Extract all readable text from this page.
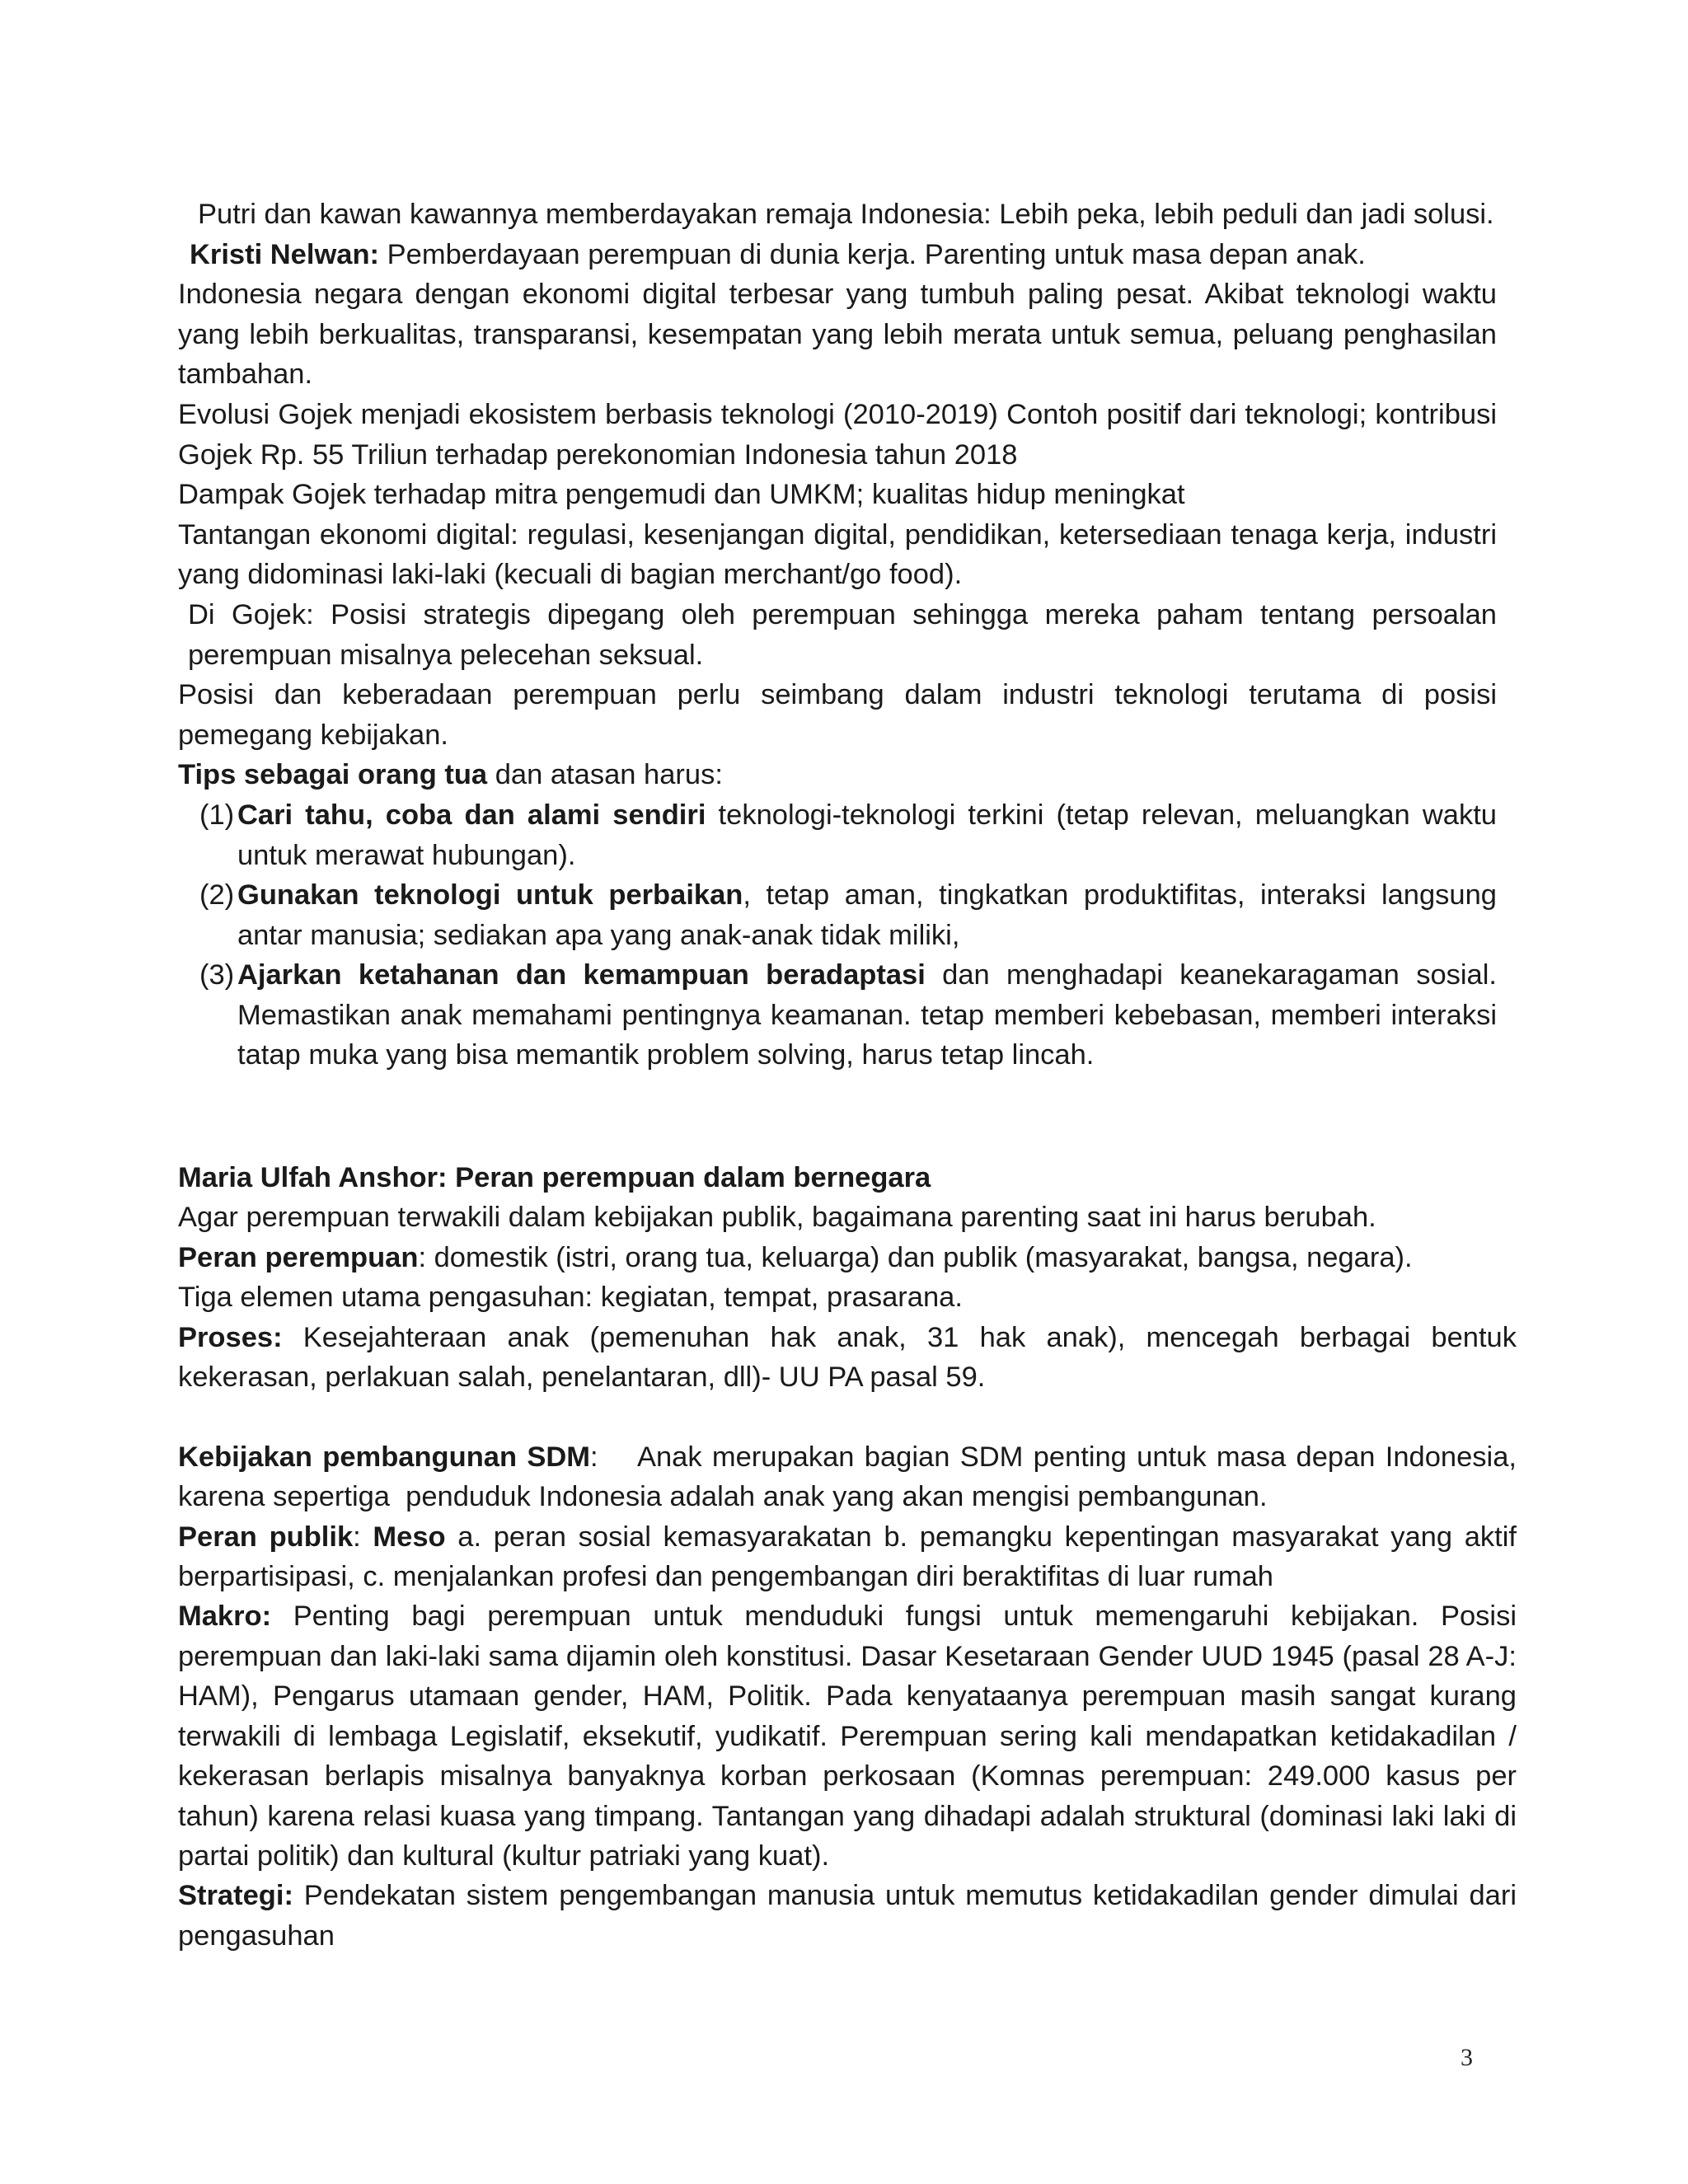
Putri dan kawan kawannya memberdayakan remaja Indonesia: Lebih peka, lebih peduli dan jadi solusi.

Kristi Nelwan: Pemberdayaan perempuan di dunia kerja. Parenting untuk masa depan anak.

Indonesia negara dengan ekonomi digital terbesar yang tumbuh paling pesat. Akibat teknologi waktu yang lebih berkualitas, transparansi, kesempatan yang lebih merata untuk semua, peluang penghasilan tambahan.

Evolusi Gojek menjadi ekosistem berbasis teknologi (2010-2019) Contoh positif dari teknologi; kontribusi Gojek Rp. 55 Triliun terhadap perekonomian Indonesia tahun 2018

Dampak Gojek terhadap mitra pengemudi dan UMKM; kualitas hidup meningkat

Tantangan ekonomi digital: regulasi, kesenjangan digital, pendidikan, ketersediaan tenaga kerja, industri yang didominasi laki-laki (kecuali di bagian merchant/go food).

Di Gojek: Posisi strategis dipegang oleh perempuan sehingga mereka paham tentang persoalan perempuan misalnya pelecehan seksual.

Posisi dan keberadaan perempuan perlu seimbang dalam industri teknologi terutama di posisi pemegang kebijakan.

Tips sebagai orang tua dan atasan harus:

(1) Cari tahu, coba dan alami sendiri teknologi-teknologi terkini (tetap relevan, meluangkan waktu untuk merawat hubungan).
(2) Gunakan teknologi untuk perbaikan, tetap aman, tingkatkan produktifitas, interaksi langsung antar manusia; sediakan apa yang anak-anak tidak miliki,
(3) Ajarkan ketahanan dan kemampuan beradaptasi dan menghadapi keanekaragaman sosial. Memastikan anak memahami pentingnya keamanan. tetap memberi kebebasan, memberi interaksi tatap muka yang bisa memantik problem solving, harus tetap lincah.

Maria Ulfah Anshor: Peran perempuan dalam bernegara

Agar perempuan terwakili dalam kebijakan publik, bagaimana parenting saat ini harus berubah.

Peran perempuan: domestik (istri, orang tua, keluarga) dan publik (masyarakat, bangsa, negara).

Tiga elemen utama pengasuhan: kegiatan, tempat, prasarana.

Proses: Kesejahteraan anak (pemenuhan hak anak, 31 hak anak), mencegah berbagai bentuk kekerasan, perlakuan salah, penelantaran, dll)- UU PA pasal 59.

Kebijakan pembangunan SDM:    Anak merupakan bagian SDM penting untuk masa depan Indonesia, karena sepertiga  penduduk Indonesia adalah anak yang akan mengisi pembangunan.

Peran publik: Meso a. peran sosial kemasyarakatan b. pemangku kepentingan masyarakat yang aktif berpartisipasi, c. menjalankan profesi dan pengembangan diri beraktifitas di luar rumah

Makro: Penting bagi perempuan untuk menduduki fungsi untuk memengaruhi kebijakan. Posisi perempuan dan laki-laki sama dijamin oleh konstitusi. Dasar Kesetaraan Gender UUD 1945 (pasal 28 A-J: HAM), Pengarus utamaan gender, HAM, Politik. Pada kenyataanya perempuan masih sangat kurang terwakili di lembaga Legislatif, eksekutif, yudikatif. Perempuan sering kali mendapatkan ketidakadilan / kekerasan berlapis misalnya banyaknya korban perkosaan (Komnas perempuan: 249.000 kasus per tahun) karena relasi kuasa yang timpang. Tantangan yang dihadapi adalah struktural (dominasi laki laki di partai politik) dan kultural (kultur patriaki yang kuat).

Strategi: Pendekatan sistem pengembangan manusia untuk memutus ketidakadilan gender dimulai dari pengasuhan

3
